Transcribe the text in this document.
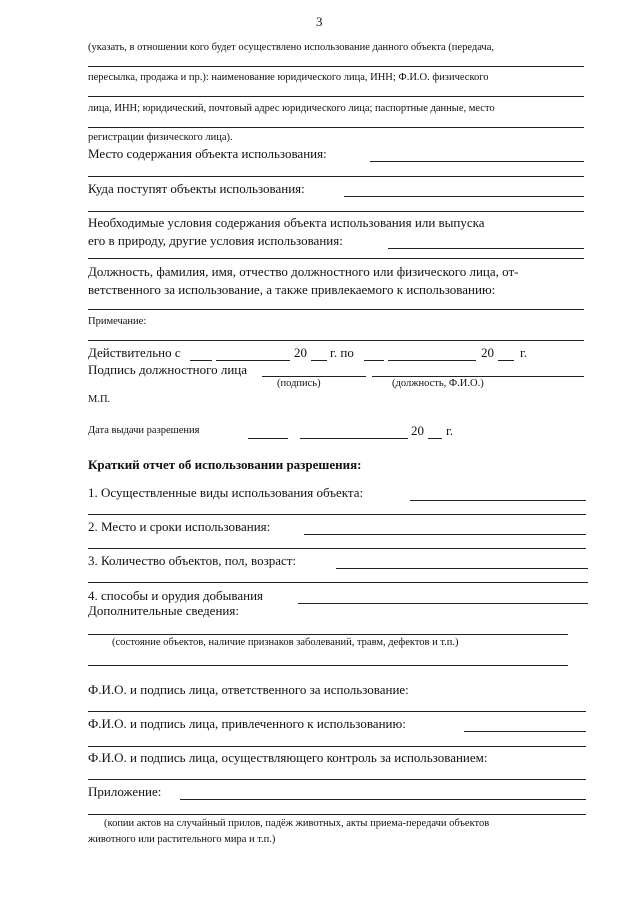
3
(указать, в отношении кого будет осуществлено использование данного объекта (передача,
пересылка, продажа и пр.): наименование юридического лица, ИНН; Ф.И.О. физического
лица, ИНН; юридический, почтовый адрес юридического лица; паспортные данные, место
регистрации физического лица).
Место содержания объекта использования:
Куда поступят объекты использования:
Необходимые условия содержания объекта использования или выпуска
его в природу, другие условия использования:
Должность, фамилия, имя, отчество должностного или физического лица, от-
ветственного за использование, а также привлекаемого к использованию:
Примечание:
Действительно с	20 г. по	20 г.
Подпись должностного лица
(подпись)	(должность, Ф.И.О.)
М.П.
Дата выдачи разрешения	20 г.
Краткий отчет об использовании разрешения:
1. Осуществленные виды использования объекта:
2. Место и сроки использования:
3. Количество объектов, пол, возраст:
4. способы и орудия добывания
Дополнительные сведения:
(состояние объектов, наличие признаков заболеваний, травм, дефектов и т.п.)
Ф.И.О. и подпись лица, ответственного за использование:
Ф.И.О. и подпись лица, привлеченного к использованию:
Ф.И.О. и подпись лица, осуществляющего контроль за использованием:
Приложение:
(копии актов на случайный прилов, падёж животных, акты приема-передачи объектов
животного или растительного мира и т.п.)
